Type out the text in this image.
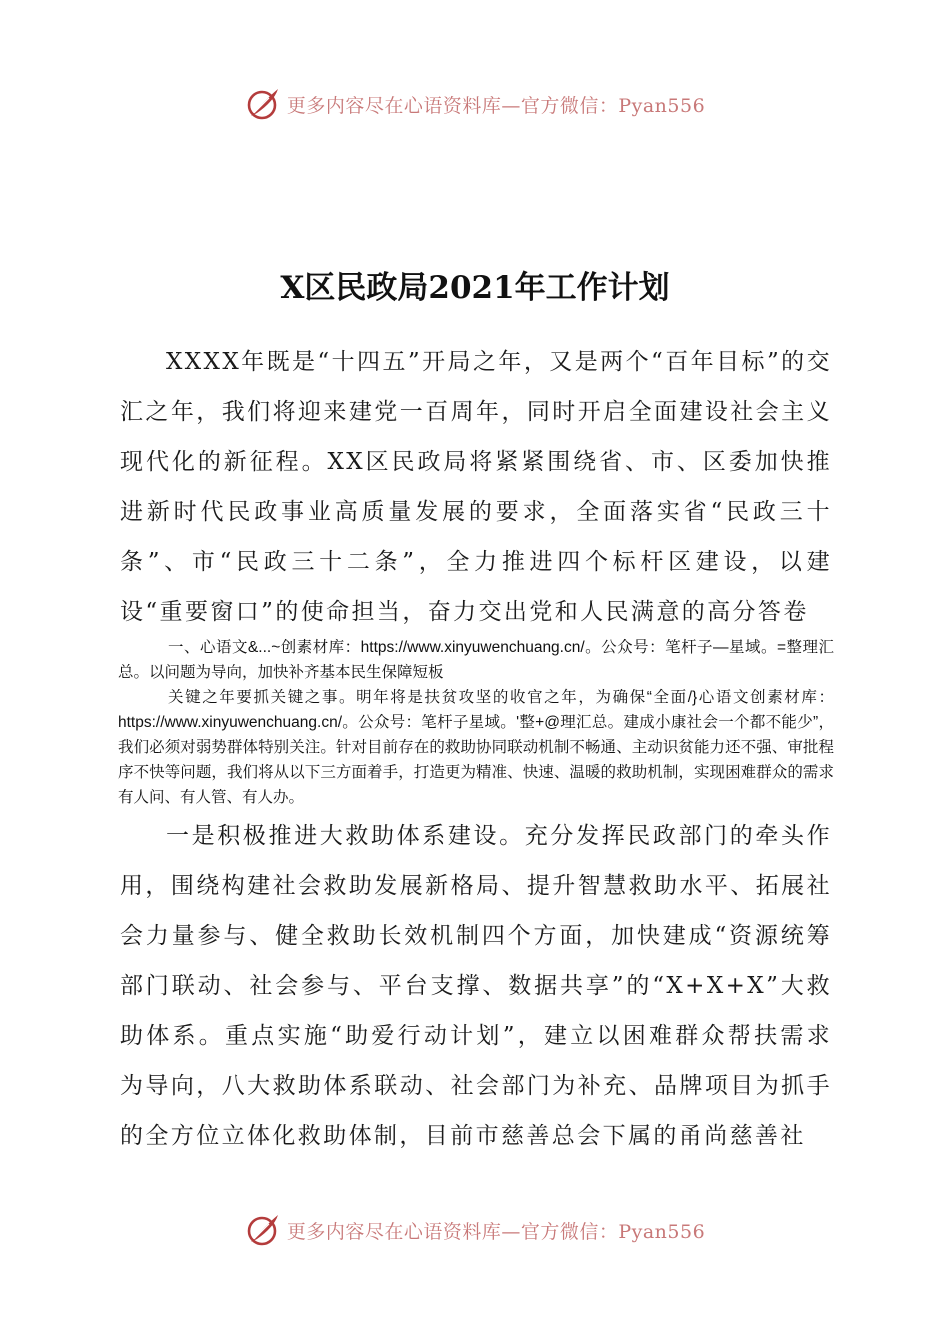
更多内容尽在心语资料库—官方微信：Pyan556
X区民政局2021年工作计划

XXXX年既是“十四五”开局之年，又是两个“百年目标”的交汇之年，我们将迎来建党一百周年，同时开启全面建设社会主义现代化的新征程。XX区民政局将紧紧围绕省、市、区委加快推进新时代民政事业高质量发展的要求，全面落实省“民政三十条”、市“民政三十二条”，全力推进四个标杆区建设，以建设“重要窗口”的使命担当，奋力交出党和人民满意的高分答卷

一、心语文&...~创素材库：https://www.xinyuwenchuang.cn/。公众号：笔杆子—星域。=整理汇总。以问题为导向，加快补齐基本民生保障短板

关键之年要抓关键之事。明年将是扶贫攻坚的收官之年，为确保“全面/}心语文创素材库：https://www.xinyuwenchuang.cn/。公众号：笔杆子星域。'整+@理汇总。建成小康社会一个都不能少”，我们必须对弱势群体特别关注。针对目前存在的救助协同联动机制不畅通、主动识贫能力还不强、审批程序不快等问题，我们将从以下三方面着手，打造更为精准、快速、温暖的救助机制，实现困难群众的需求有人问、有人管、有人办。

一是积极推进大救助体系建设。充分发挥民政部门的牵头作用，围绕构建社会救助发展新格局、提升智慧救助水平、拓展社会力量参与、健全救助长效机制四个方面，加快建成“资源统筹部门联动、社会参与、平台支撑、数据共享”的“X+X+X”大救助体系。重点实施“助爱行动计划”，建立以困难群众帮扶需求为导向，八大救助体系联动、社会部门为补充、品牌项目为抓手的全方位立体化救助体制，目前市慈善总会下属的甬尚慈善社

更多内容尽在心语资料库—官方微信：Pyan556
